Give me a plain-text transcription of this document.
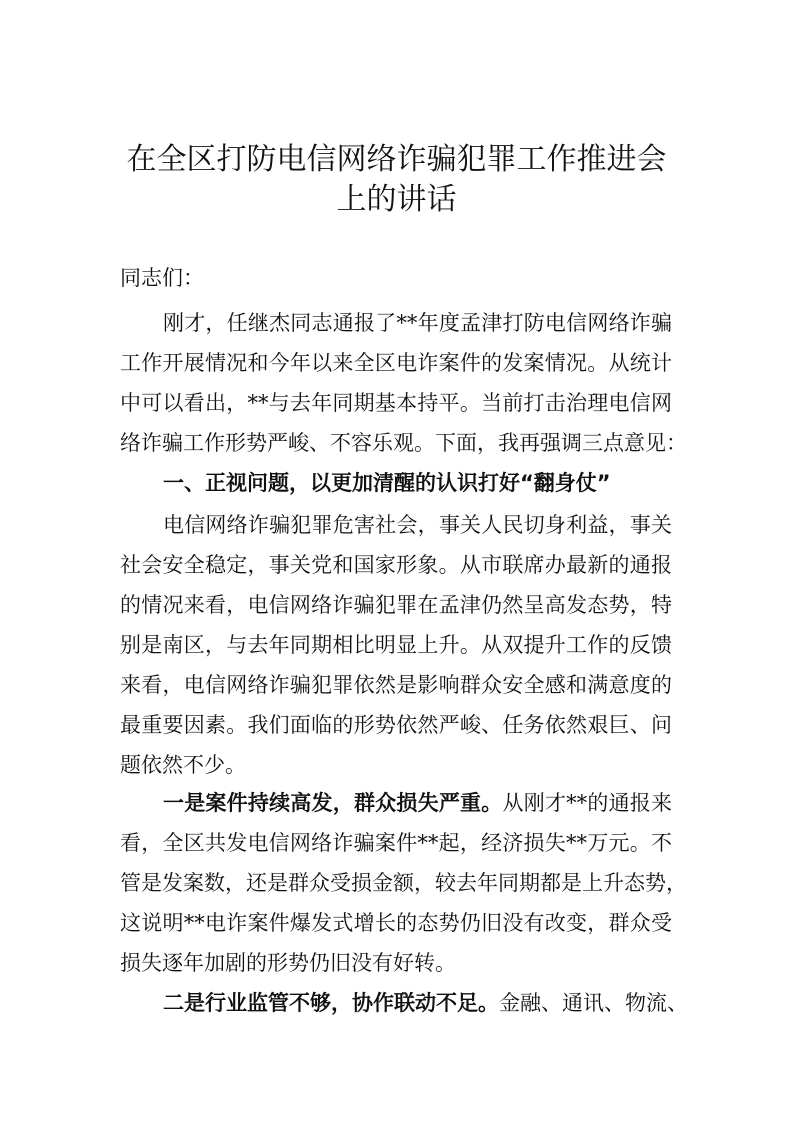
在全区打防电信网络诈骗犯罪工作推进会
上的讲话
同志们：
刚才，任继杰同志通报了**年度孟津打防电信网络诈骗
工作开展情况和今年以来全区电诈案件的发案情况。从统计
中可以看出，**与去年同期基本持平。当前打击治理电信网
络诈骗工作形势严峻、不容乐观。下面，我再强调三点意见：
一、正视问题，以更加清醒的认识打好“翻身仗”
电信网络诈骗犯罪危害社会，事关人民切身利益，事关
社会安全稳定，事关党和国家形象。从市联席办最新的通报
的情况来看，电信网络诈骗犯罪在孟津仍然呈高发态势，特
别是南区，与去年同期相比明显上升。从双提升工作的反馈
来看，电信网络诈骗犯罪依然是影响群众安全感和满意度的
最重要因素。我们面临的形势依然严峻、任务依然艰巨、问
题依然不少。
一是案件持续高发，群众损失严重。从刚才**的通报来
看，全区共发电信网络诈骗案件**起，经济损失**万元。不
管是发案数，还是群众受损金额，较去年同期都是上升态势，
这说明**电诈案件爆发式增长的态势仍旧没有改变，群众受
损失逐年加剧的形势仍旧没有好转。
二是行业监管不够，协作联动不足。金融、通讯、物流、
